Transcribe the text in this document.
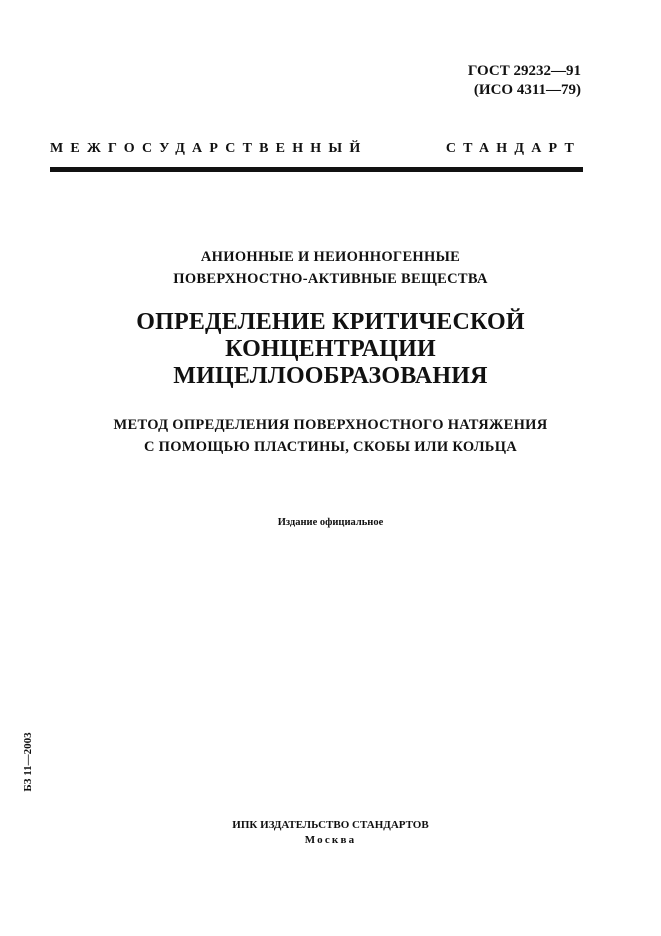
ГОСТ 29232—91
(ИСО 4311—79)
МЕЖГОСУДАРСТВЕННЫЙ	СТАНДАРТ
АНИОННЫЕ И НЕИОННОГЕННЫЕ
ПОВЕРХНОСТНО-АКТИВНЫЕ ВЕЩЕСТВА
ОПРЕДЕЛЕНИЕ КРИТИЧЕСКОЙ
КОНЦЕНТРАЦИИ
МИЦЕЛЛООБРАЗОВАНИЯ
МЕТОД ОПРЕДЕЛЕНИЯ ПОВЕРХНОСТНОГО НАТЯЖЕНИЯ
С ПОМОЩЬЮ ПЛАСТИНЫ, СКОБЫ ИЛИ КОЛЬЦА
Издание официальное
БЗ 11—2003
ИПК ИЗДАТЕЛЬСТВО СТАНДАРТОВ
Москва
